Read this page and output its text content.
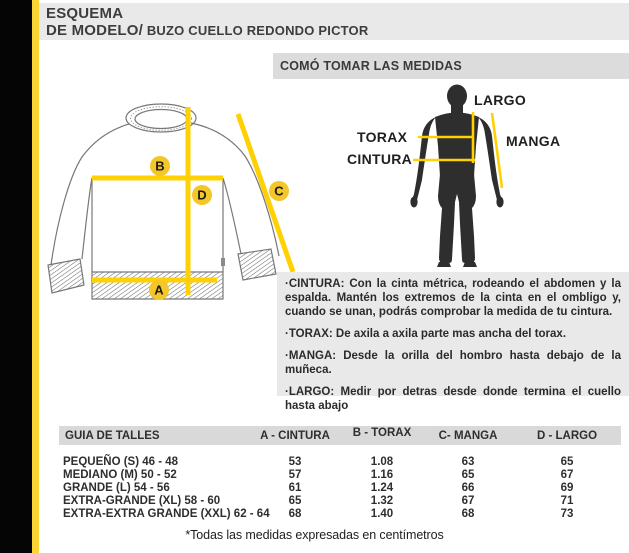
ESQUEMA
DE MODELO/ BUZO CUELLO REDONDO PICTOR
B
D
A
C
COMÓ TOMAR LAS MEDIDAS
LARGO
TORAX
CINTURA
MANGA

·CINTURA: Con la cinta métrica, rodeando el abdomen y la espalda. Mantén los extremos de la cinta en el ombligo y, cuando se unan, podrás comprobar la medida de tu cintura.

·TORAX: De axila a axila parte mas ancha del torax.

·MANGA: Desde la orilla del hombro hasta debajo de la muñeca.

·LARGO: Medir por detras desde donde termina el cuello hasta abajo

GUIA DE TALLES	A - CINTURA	B - TORAX	C- MANGA	D - LARGO
PEQUEÑO (S) 46 - 48	53	1.08	63	65
MEDIANO (M) 50 - 52	57	1.16	65	67
GRANDE (L) 54 - 56	61	1.24	66	69
EXTRA-GRANDE (XL) 58 - 60	65	1.32	67	71
EXTRA-EXTRA GRANDE (XXL) 62 - 64	68	1.40	68	73
*Todas las medidas expresadas en centímetros
